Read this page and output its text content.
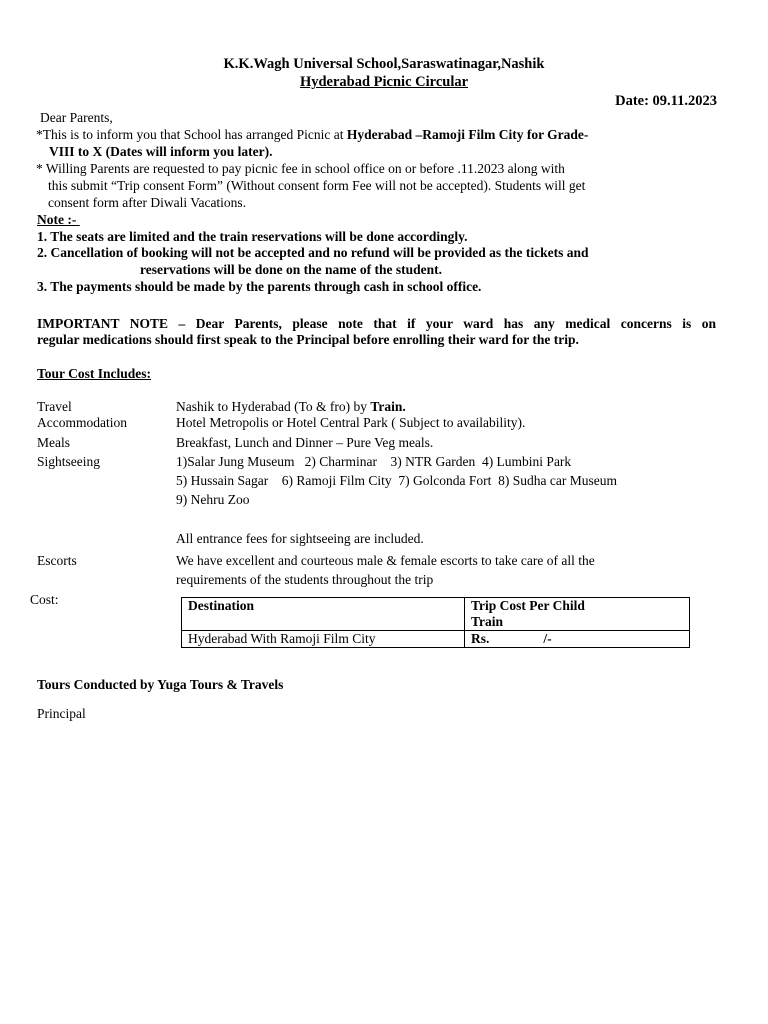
K.K.Wagh Universal School,Saraswatinagar,Nashik
Hyderabad Picnic Circular
Date: 09.11.2023
Dear Parents,
*This is to inform you that School has arranged Picnic at Hyderabad –Ramoji Film City for Grade-
VIII to X (Dates will inform you later).
* Willing Parents are requested to pay picnic fee in school office on or before .11.2023 along with
this submit “Trip consent Form” (Without consent form Fee will not be accepted). Students will get
consent form after Diwali Vacations.
Note :-
1. The seats are limited and the train reservations will be done accordingly.
2. Cancellation of booking will not be accepted and no refund will be provided as the tickets and
reservations will be done on the name of the student.
3. The payments should be made by the parents through cash in school office.
IMPORTANT NOTE – Dear Parents, please note that if your ward has any medical concerns is on
regular medications should first speak to the Principal before enrolling their ward for the trip.
Tour Cost Includes:
Travel	Nashik to Hyderabad (To & fro) by Train.
Accommodation	Hotel Metropolis or Hotel Central Park ( Subject to availability).
Meals	Breakfast, Lunch and Dinner – Pure Veg meals.
Sightseeing	1)Salar Jung Museum   2) Charminar    3) NTR Garden  4) Lumbini Park
5) Hussain Sagar    6) Ramoji Film City  7) Golconda Fort  8) Sudha car Museum
9) Nehru Zoo
All entrance fees for sightseeing are included.
Escorts	We have excellent and courteous male & female escorts to take care of all the
requirements of the students throughout the trip
Cost:	Destination	Trip Cost Per Child
Train

Hyderabad With Ramoji Film City	Rs. /-
Tours Conducted by Yuga Tours & Travels
Principal
